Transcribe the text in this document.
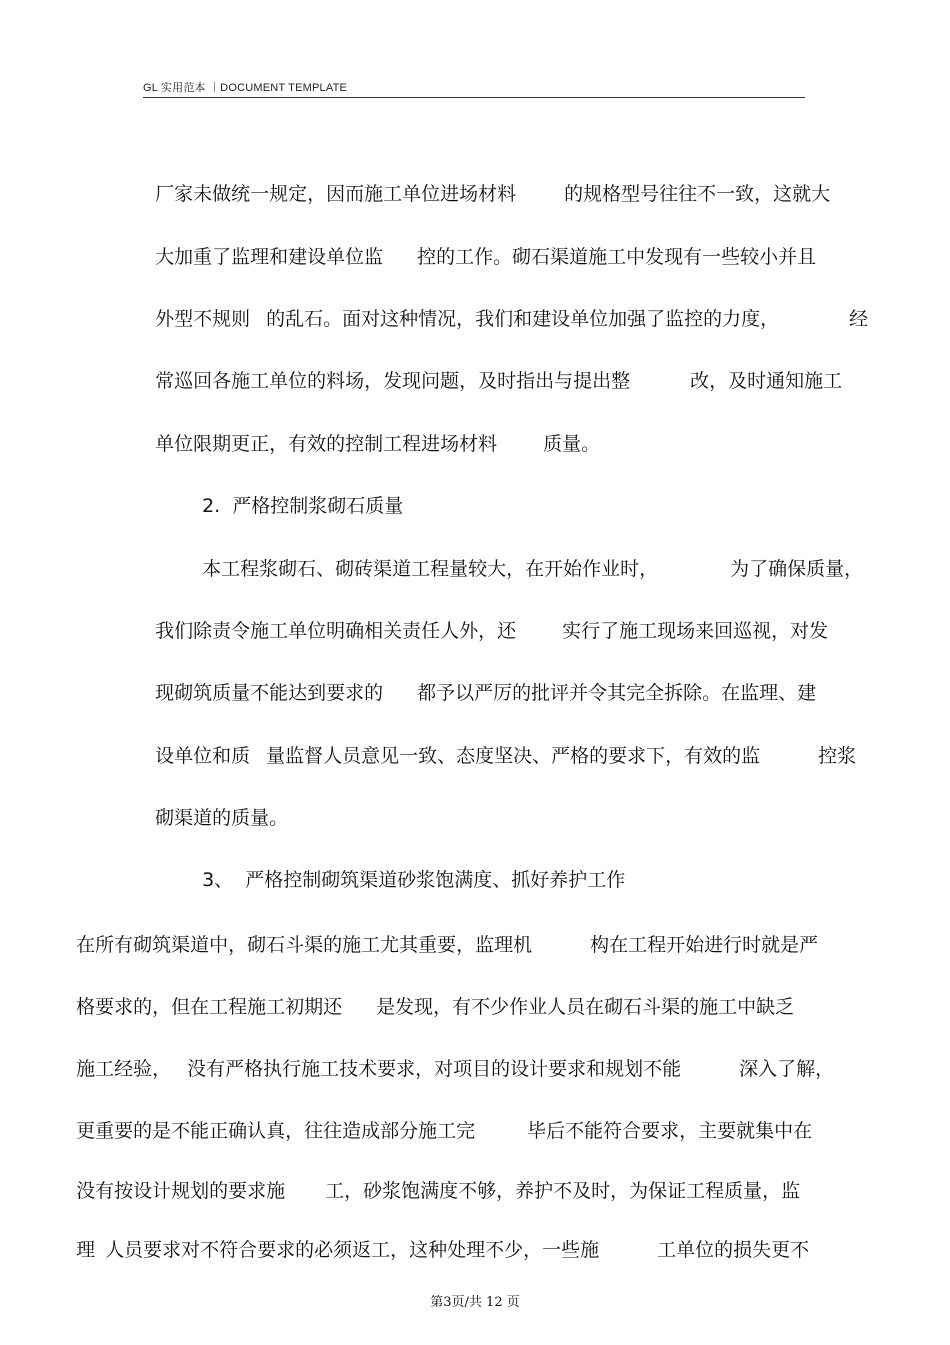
GL 实用范本 ｜DOCUMENT TEMPLATE

厂家未做统一规定，因而施工单位进场材料	的规格型号往往不一致，这就大

大加重了监理和建设单位监 控的工作。砌石渠道施工中发现有一些较小并且

外型不规则 的乱石。面对这种情况，我们和建设单位加强了监控的力度，	经

常巡回各施工单位的料场，发现问题，及时指出与提出整	改，及时通知施工

单位限期更正，有效的控制工程进场材料 质量。

2.  严格控制浆砌石质量

本工程浆砌石、砌砖渠道工程量较大，在开始作业时，	为了确保质量，

我们除责令施工单位明确相关责任人外，还 实行了施工现场来回巡视，对发

现砌筑质量不能达到要求的 都予以严厉的批评并令其完全拆除。在监理、建

设单位和质 量监督人员意见一致、态度坚决、严格的要求下，有效的监	控浆

砌渠道的质量。

3、  严格控制砌筑渠道砂浆饱满度、抓好养护工作

在所有砌筑渠道中，砌石斗渠的施工尤其重要，监理机	构在工程开始进行时就是严

格要求的，但在工程施工初期还 是发现，有不少作业人员在砌石斗渠的施工中缺乏

施工经验， 没有严格执行施工技术要求，对项目的设计要求和规划不能	深入了解，

更重要的是不能正确认真，往往造成部分施工完	毕后不能符合要求，主要就集中在

没有按设计规划的要求施 工，砂浆饱满度不够，养护不及时，为保证工程质量，监

理 人员要求对不符合要求的必须返工，这种处理不少，一些施	工单位的损失更不

第3页/共 12 页
